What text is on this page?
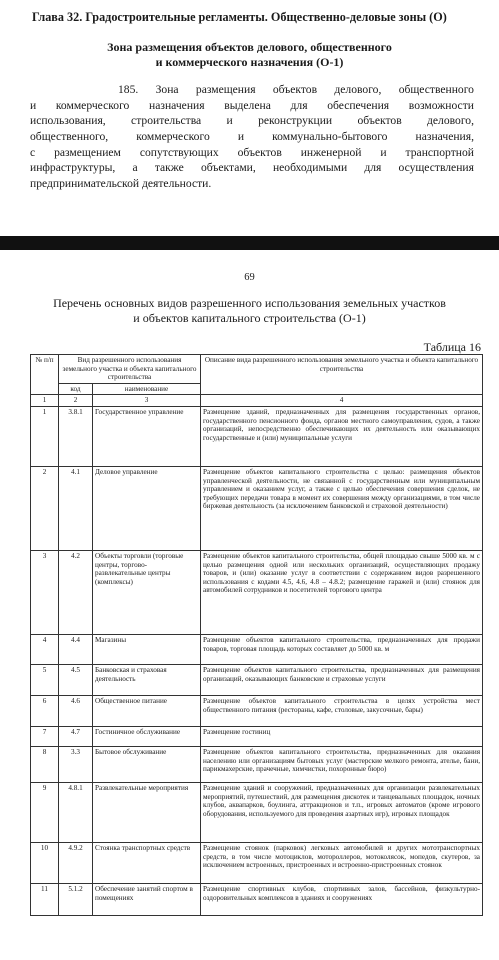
Глава 32. Градостроительные регламенты. Общественно-деловые зоны (О)
Зона размещения объектов делового, общественного
и коммерческого назначения (О-1)
185. Зона размещения объектов делового, общественного
и коммерческого назначения выделена для обеспечения возможности
использования, строительства и реконструкции объектов делового,
общественного, коммерческого и коммунально-бытового назначения,
с размещением сопутствующих объектов инженерной и транспортной
инфраструктуры, а также объектами, необходимыми для осуществления
предпринимательской деятельности.
69
Перечень основных видов разрешенного использования земельных участков
и объектов капитального строительства (О-1)
Таблица 16
№ п/п	Вид разрешенного использования земельного участка и объекта капитального строительства		Описание вида разрешенного использования земельного участка и объекта капитального строительства
	код	наименование	
1	2	3	4
1	3.8.1	Государственное управление	Размещение зданий, предназначенных для размещения государственных органов, государственного пенсионного фонда, органов местного самоуправления, судов, а также организаций, непосредственно обеспечивающих их деятельность или оказывающих государственные и (или) муниципальные услуги
2	4.1	Деловое управление	Размещение объектов капитального строительства с целью: размещения объектов управленческой деятельности, не связанной с государственным или муниципальным управлением и оказанием услуг, а также с целью обеспечения совершения сделок, не требующих передачи товара в момент их совершения между организациями, в том числе биржевая деятельность (за исключением банковской и страховой деятельности)
3	4.2	Объекты торговли (торговые центры, торгово-развлекательные центры (комплексы)	Размещение объектов капитального строительства, общей площадью свыше 5000 кв. м с целью размещения одной или нескольких организаций, осуществляющих продажу товаров, и (или) оказание услуг в соответствии с содержанием видов разрешенного использования с кодами 4.5, 4.6, 4.8 – 4.8.2; размещение гаражей и (или) стоянок для автомобилей сотрудников и посетителей торгового центра
4	4.4	Магазины	Размещение объектов капитального строительства, предназначенных для продажи товаров, торговая площадь которых составляет до 5000 кв. м
5	4.5	Банковская и страховая деятельность	Размещение объектов капитального строительства, предназначенных для размещения организаций, оказывающих банковские и страховые услуги
6	4.6	Общественное питание	Размещение объектов капитального строительства в целях устройства мест общественного питания (рестораны, кафе, столовые, закусочные, бары)
7	4.7	Гостиничное обслуживание	Размещение гостиниц
8	3.3	Бытовое обслуживание	Размещение объектов капитального строительства, предназначенных для оказания населению или организациям бытовых услуг (мастерские мелкого ремонта, ателье, бани, парикмахерские, прачечные, химчистки, похоронные бюро)
9	4.8.1	Развлекательные мероприятия	Размещение зданий и сооружений, предназначенных для организации развлекательных мероприятий, путешествий, для размещения дискотек и танцевальных площадок, ночных клубов, аквапарков, боулинга, аттракционов и т.п., игровых автоматов (кроме игрового оборудования, используемого для проведения азартных игр), игровых площадок
10	4.9.2	Стоянка транспортных средств	Размещение стоянок (парковок) легковых автомобилей и других мототранспортных средств, в том числе мотоциклов, мотороллеров, мотоколясок, мопедов, скутеров, за исключением встроенных, пристроенных и встроенно-пристроенных стоянок
11	5.1.2	Обеспечение занятий спортом в помещениях	Размещение спортивных клубов, спортивных залов, бассейнов, физкультурно-оздоровительных комплексов в зданиях и сооружениях
